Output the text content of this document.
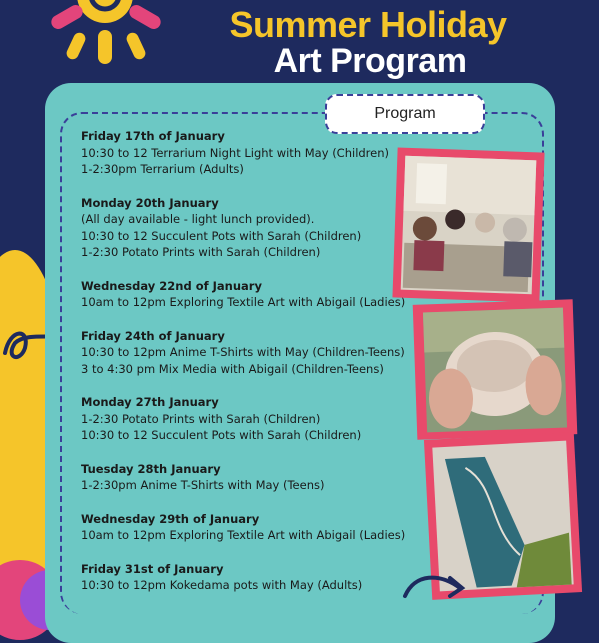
Summer Holiday
Art Program
Program
Friday 17th of January
10:30 to 12 Terrarium Night Light with May (Children)
1-2:30pm Terrarium (Adults)
Monday 20th January
(All day available - light lunch provided).
10:30 to 12 Succulent Pots with Sarah (Children)
1-2:30 Potato Prints with Sarah (Children)
Wednesday 22nd of January
10am to 12pm Exploring Textile Art with Abigail (Ladies)
Friday 24th of January
10:30 to 12pm Anime T-Shirts with May (Children-Teens)
3 to 4:30 pm Mix Media with Abigail (Children-Teens)
Monday 27th January
1-2:30 Potato Prints with Sarah (Children)
10:30 to 12 Succulent Pots with Sarah (Children)
Tuesday 28th January
1-2:30pm Anime T-Shirts with May (Teens)
Wednesday 29th of January
10am to 12pm Exploring Textile Art with Abigail (Ladies)
Friday 31st of January
10:30 to 12pm Kokedama pots with May (Adults)
